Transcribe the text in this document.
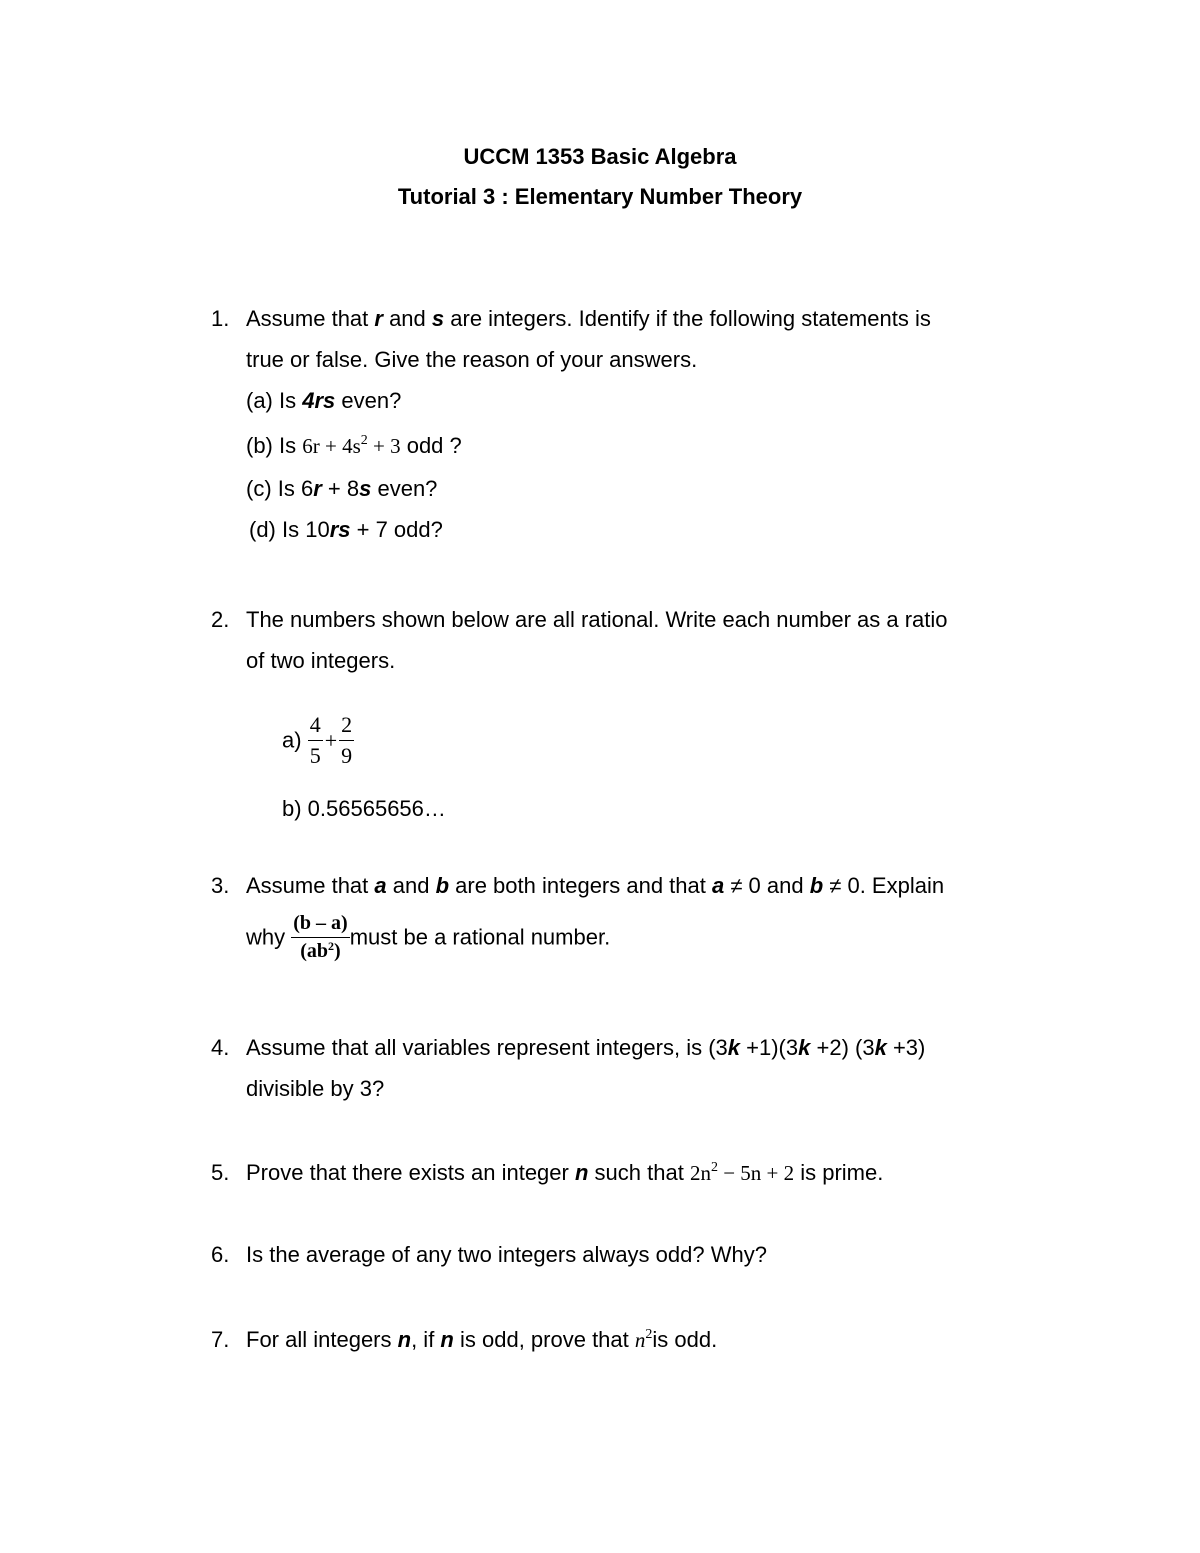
UCCM 1353 Basic Algebra
Tutorial 3 : Elementary Number Theory
1. Assume that r and s are integers. Identify if the following statements is
true or false. Give the reason of your answers.
(a) Is 4rs even?
(b) Is $6r + 4s^2 + 3$ odd ?
(c) Is 6r + 8s even?
(d) Is 10rs + 7 odd?
2. The numbers shown below are all rational. Write each number as a ratio
of two integers.
$a) \frac{4}{5} + \frac{2}{9}$
b) 0.56565656…
3. Assume that a and b are both integers and that a ≠ 0 and b ≠ 0. Explain
why $\frac{(b - a)}{(ab^2)}$ must be a rational number.
4. Assume that all variables represent integers, is (3k +1)(3k +2) (3k +3)
divisible by 3?
5. Prove that there exists an integer n such that $2n^2 - 5n + 2$ is prime.
6. Is the average of any two integers always odd? Why?
7. For all integers n, if n is odd, prove that $n^2is$ odd.
